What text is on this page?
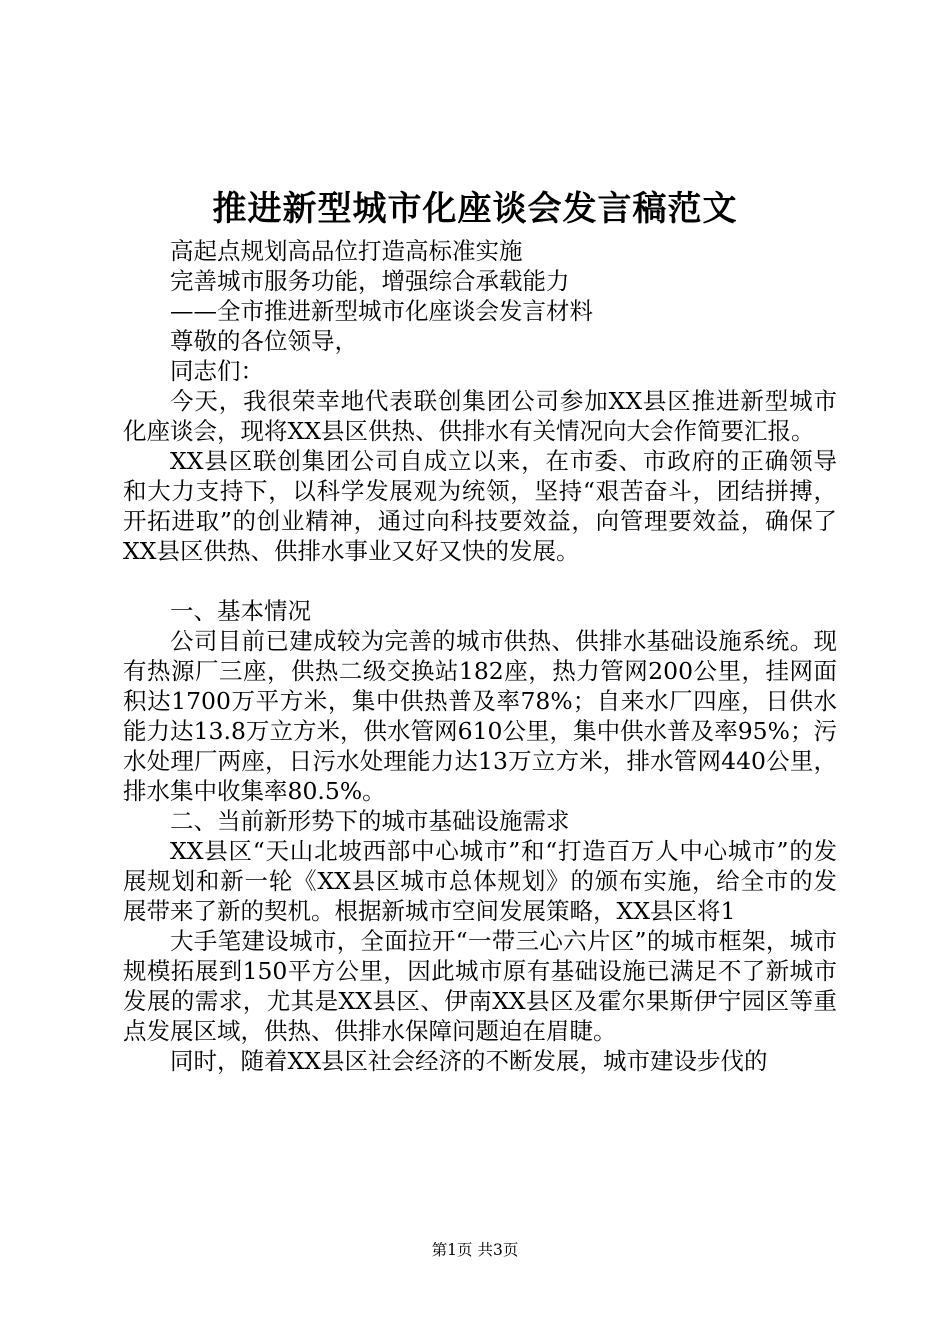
推进新型城市化座谈会发言稿范文

高起点规划高品位打造高标准实施

完善城市服务功能，增强综合承载能力

——全市推进新型城市化座谈会发言材料

尊敬的各位领导，

同志们：

今天，我很荣幸地代表联创集团公司参加XX县区推进新型城市化座谈会，现将XX县区供热、供排水有关情况向大会作简要汇报。

XX县区联创集团公司自成立以来，在市委、市政府的正确领导和大力支持下，以科学发展观为统领，坚持“艰苦奋斗，团结拼搏，开拓进取”的创业精神，通过向科技要效益，向管理要效益，确保了XX县区供热、供排水事业又好又快的发展。

一、基本情况

公司目前已建成较为完善的城市供热、供排水基础设施系统。现有热源厂三座，供热二级交换站182座，热力管网200公里，挂网面积达1700万平方米，集中供热普及率78%；自来水厂四座，日供水能力达13.8万立方米，供水管网610公里，集中供水普及率95%；污水处理厂两座，日污水处理能力达13万立方米，排水管网440公里，排水集中收集率80.5%。

二、当前新形势下的城市基础设施需求

XX县区“天山北坡西部中心城市”和“打造百万人中心城市”的发展规划和新一轮《XX县区城市总体规划》的颁布实施，给全市的发展带来了新的契机。根据新城市空间发展策略，XX县区将1

大手笔建设城市，全面拉开“一带三心六片区”的城市框架，城市规模拓展到150平方公里，因此城市原有基础设施已满足不了新城市发展的需求，尤其是XX县区、伊南XX县区及霍尔果斯伊宁园区等重点发展区域，供热、供排水保障问题迫在眉睫。

同时，随着XX县区社会经济的不断发展，城市建设步伐的

第1页 共3页
